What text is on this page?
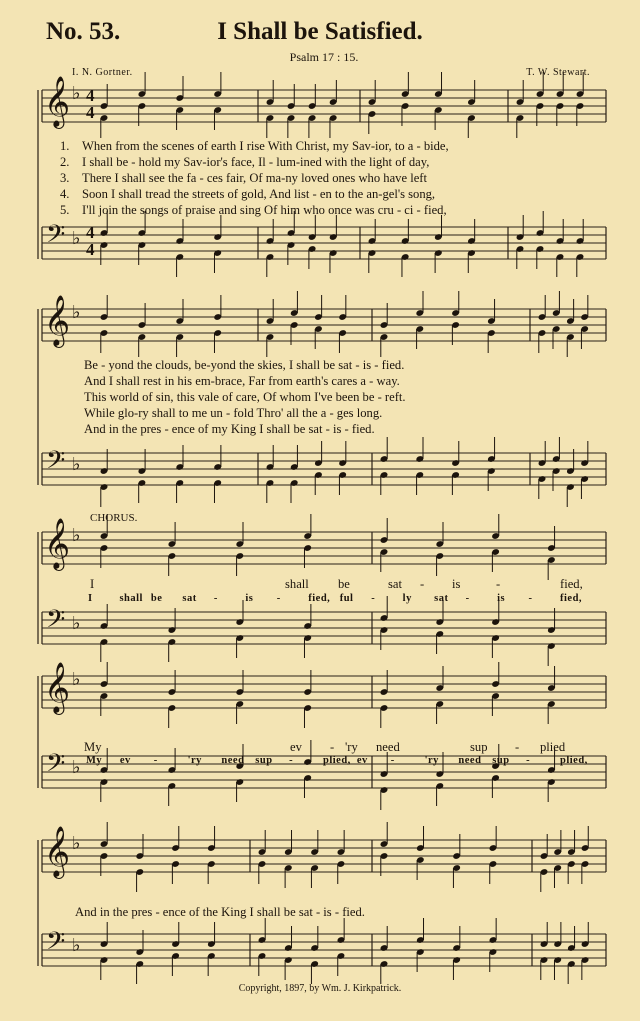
No. 53.	I Shall be Satisfied.
Psalm 17 : 15.
I. N. Gortner.	T. W. Stewart.
𝄞
𝄢
♭
♭
4
4
4
4
𝄞
𝄢
♭
♭
𝄞
𝄢
♭
♭
𝄞
𝄢
♭
♭
𝄞
𝄢
♭
♭
1. When from the scenes of earth I rise With Christ, my Sav-ior, to a - bide,
2. I shall be - hold my Sav-ior's face, Il - lum-ined with the light of day,
3. There I shall see the fa - ces fair, Of ma-ny loved ones who have left
4. Soon I shall tread the streets of gold, And list - en to the an-gel's song,
5. I'll join the songs of praise and sing Of him who once was cru - ci - fied,
Be - yond the clouds, be-yond the skies, I shall be sat - is - fied.
And I shall rest in his em-brace, Far from earth's cares a - way.
This world of sin, this vale of care, Of whom I've been be - reft.
While glo-ry shall to me un - fold Thro' all the a - ges long.
And in the pres - ence of my King I shall be sat - is - fied.
CHORUS.
I	shall be	sat - is	-	fied,
I	shall be sat -	is -	fied, ful -	ly sat -	is -	fied,
My	ev - 'ry need	sup - plied
My ev -	'ry need sup -	plied, ev -	'ry need sup -	plied,
And in the pres - ence of the King I shall be sat - is - fied.
Copyright, 1897, by Wm. J. Kirkpatrick.
